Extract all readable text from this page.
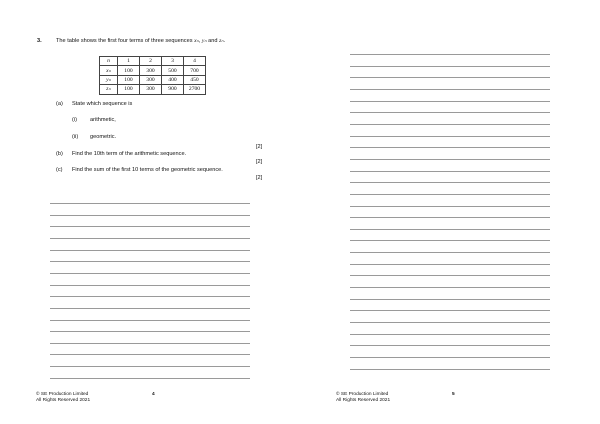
3.	The table shows the first four terms of three sequences xₙ, yₙ and zₙ.
n	1	2	3	4
xₙ	100	300	500	700
yₙ	100	300	400	450
zₙ	100	300	900	2700
(a) State which sequence is
(i) arithmetic,
(ii) geometric.
[2]
(b) Find the 10th term of the arithmetic sequence.
[2]
(c) Find the sum of the first 10 terms of the geometric sequence.
[2]
© SE Production Limited
All Rights Reserved 2021
4	© SE Production Limited
All Rights Reserved 2021
5
